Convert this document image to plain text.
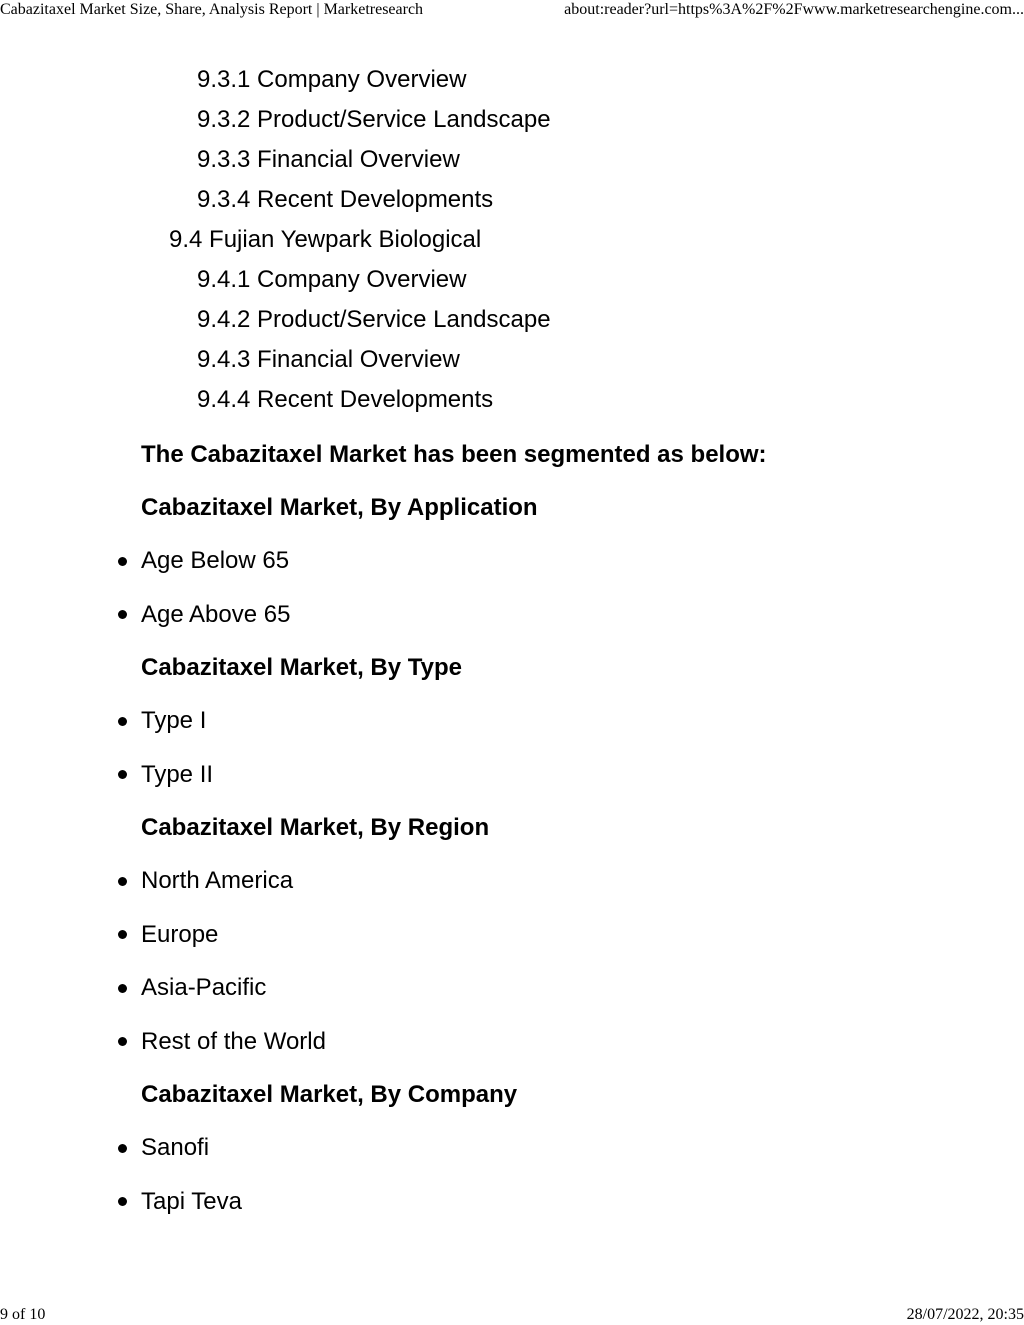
Cabazitaxel Market Size, Share, Analysis Report | Marketresearch	about:reader?url=https%3A%2F%2Fwww.marketresearchengine.com...
9.3.1 Company Overview
9.3.2 Product/Service Landscape
9.3.3 Financial Overview
9.3.4 Recent Developments
9.4 Fujian Yewpark Biological
9.4.1 Company Overview
9.4.2 Product/Service Landscape
9.4.3 Financial Overview
9.4.4 Recent Developments
The Cabazitaxel Market has been segmented as below:
Cabazitaxel Market, By Application
Age Below 65
Age Above 65
Cabazitaxel Market, By Type
Type I
Type II
Cabazitaxel Market, By Region
North America
Europe
Asia-Pacific
Rest of the World
Cabazitaxel Market, By Company
Sanofi
Tapi Teva
9 of 10	28/07/2022, 20:35
